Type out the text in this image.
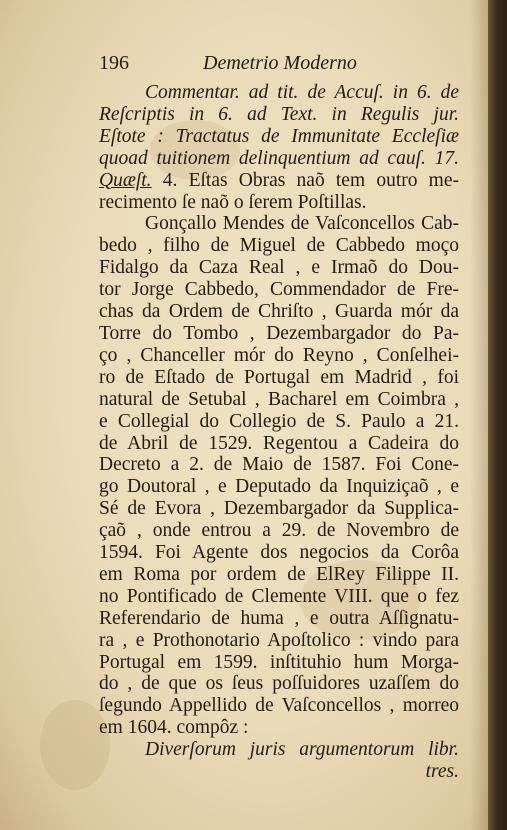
196	Demetrio Moderno
Commentar. ad tit. de Accuſ. in 6. de
Reſcriptis in 6. ad Text. in Regulis jur.
Eſtote : Tractatus de Immunitate Eccleſiæ
quoad tuitionem delinquentium ad cauſ. 17.
Quæſt. 4. Eſtas Obras naõ tem outro me-
recimento ſe naõ o ſerem Poſtillas.
Gonçallo Mendes de Vaſconcellos Cab-
bedo , filho de Miguel de Cabbedo moço
Fidalgo da Caza Real , e Irmaõ do Dou-
tor Jorge Cabbedo, Commendador de Fre-
chas da Ordem de Chriſto , Guarda mór da
Torre do Tombo , Dezembargador do Pa-
ço , Chanceller mór do Reyno , Conſelhei-
ro de Eſtado de Portugal em Madrid , foi
natural de Setubal , Bacharel em Coimbra ,
e Collegial do Collegio de S. Paulo a 21.
de Abril de 1529. Regentou a Cadeira do
Decreto a 2. de Maio de 1587. Foi Cone-
go Doutoral , e Deputado da Inquiziçaõ , e
Sé de Evora , Dezembargador da Supplica-
çaõ , onde entrou a 29. de Novembro de
1594. Foi Agente dos negocios da Corôa
em Roma por ordem de ElRey Filippe II.
no Pontificado de Clemente VIII. que o fez
Referendario de huma , e outra Aſſignatu-
ra , e Prothonotario Apoſtolico : vindo para
Portugal em 1599. inſtituhio hum Morga-
do , de que os ſeus poſſuidores uzaſſem do
ſegundo Appellido de Vaſconcellos , morreo
em 1604. compôz :
Diverſorum juris argumentorum libr.
tres.
